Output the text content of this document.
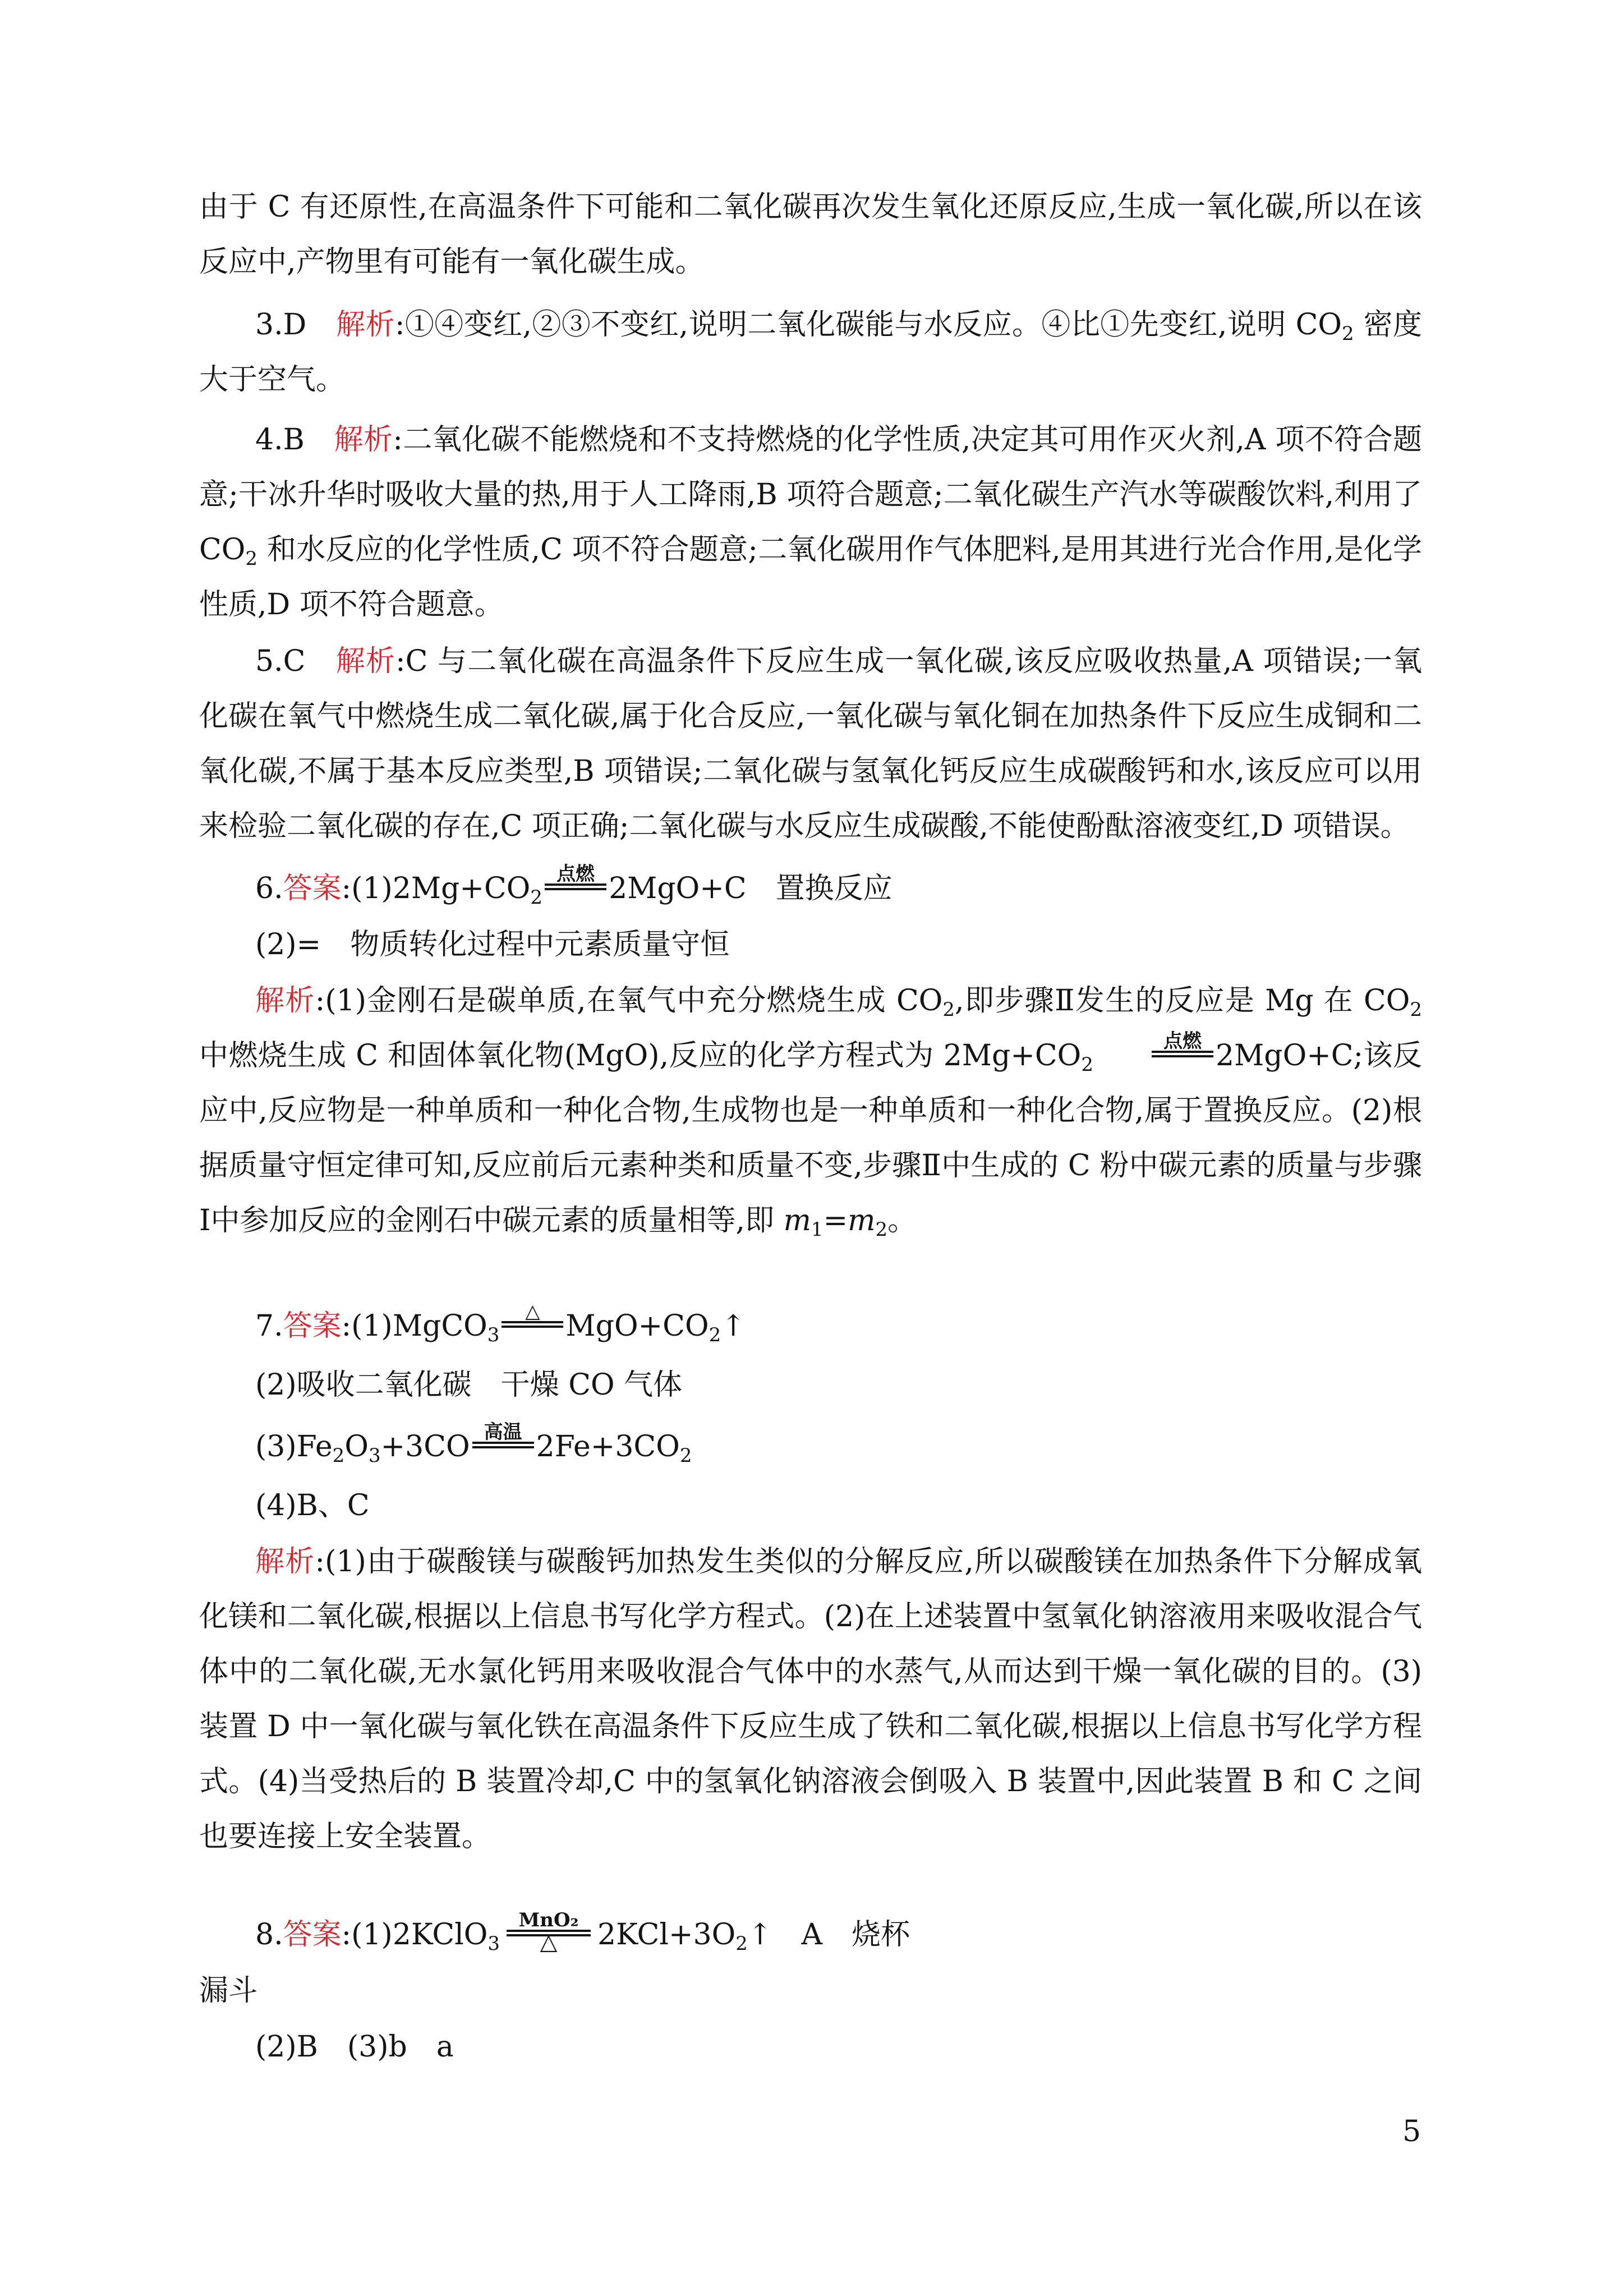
由于 C 有还原性,在高温条件下可能和二氧化碳再次发生氧化还原反应,生成一氧化碳,所以在该反应中,产物里有可能有一氧化碳生成。
3.D　解析:①④变红,②③不变红,说明二氧化碳能与水反应。④比①先变红,说明 $CO_2$ 密度大于空气。
4.B　解析:二氧化碳不能燃烧和不支持燃烧的化学性质,决定其可用作灭火剂,A 项不符合题意;干冰升华时吸收大量的热,用于人工降雨,B 项符合题意;二氧化碳生产汽水等碳酸饮料,利用了 $CO_2$ 和水反应的化学性质,C 项不符合题意;二氧化碳用作气体肥料,是用其进行光合作用,是化学性质,D 项不符合题意。
5.C　解析:C 与二氧化碳在高温条件下反应生成一氧化碳,该反应吸收热量,A 项错误;一氧化碳在氧气中燃烧生成二氧化碳,属于化合反应,一氧化碳与氧化铜在加热条件下反应生成铜和二氧化碳,不属于基本反应类型,B 项错误;二氧化碳与氢氧化钙反应生成碳酸钙和水,该反应可以用来检验二氧化碳的存在,C 项正确;二氧化碳与水反应生成碳酸,不能使酚酞溶液变红,D 项错误。
6.答案$:(1)2Mg+CO_2$
点燃 2MgO+C　置换反应
(2)=　物质转化过程中元素质量守恒
解析:(1)金刚石是碳单质,在氧气中充分燃烧生成 $CO_2$,即步骤Ⅱ发生的反应是 Mg 在 $CO_2$ 中燃烧生成 C 和固体氧化物(MgO),反应的化学方程式为 $2Mg+CO_2$
点燃 2MgO+C;该反应中,反应物是一种单质和一种化合物,生成物也是一种单质和一种化合物,属于置换反应。(2)根据质量守恒定律可知,反应前后元素种类和质量不变,步骤Ⅱ中生成的 C 粉中碳元素的质量与步骤Ⅰ中参加反应的金刚石中碳元素的质量相等,即 $m_1=m_2$。
7.答案:(1)MgCO$_3$
△ $MgO+CO_2↑$
(2)吸收二氧化碳　干燥 CO 气体
$(3)Fe_2O_3+3CO$ 高温 $2Fe+3CO_2$
(4)B、C
解析:(1)由于碳酸镁与碳酸钙加热发生类似的分解反应,所以碳酸镁在加热条件下分解成氧化镁和二氧化碳,根据以上信息书写化学方程式。(2)在上述装置中氢氧化钠溶液用来吸收混合气体中的二氧化碳,无水氯化钙用来吸收混合气体中的水蒸气,从而达到干燥一氧化碳的目的。(3)装置 D 中一氧化碳与氧化铁在高温条件下反应生成了铁和二氧化碳,根据以上信息书写化学方程式。(4)当受热后的 B 装置冷却,C 中的氢氧化钠溶液会倒吸入 B 装置中,因此装置 B 和 C 之间也要连接上安全装置。
8.答案:(1)2KClO$_3$
MnO₂
△	$2KCl+3O_2↑$　A　烧杯
漏斗
(2)B　(3)b　a
5
